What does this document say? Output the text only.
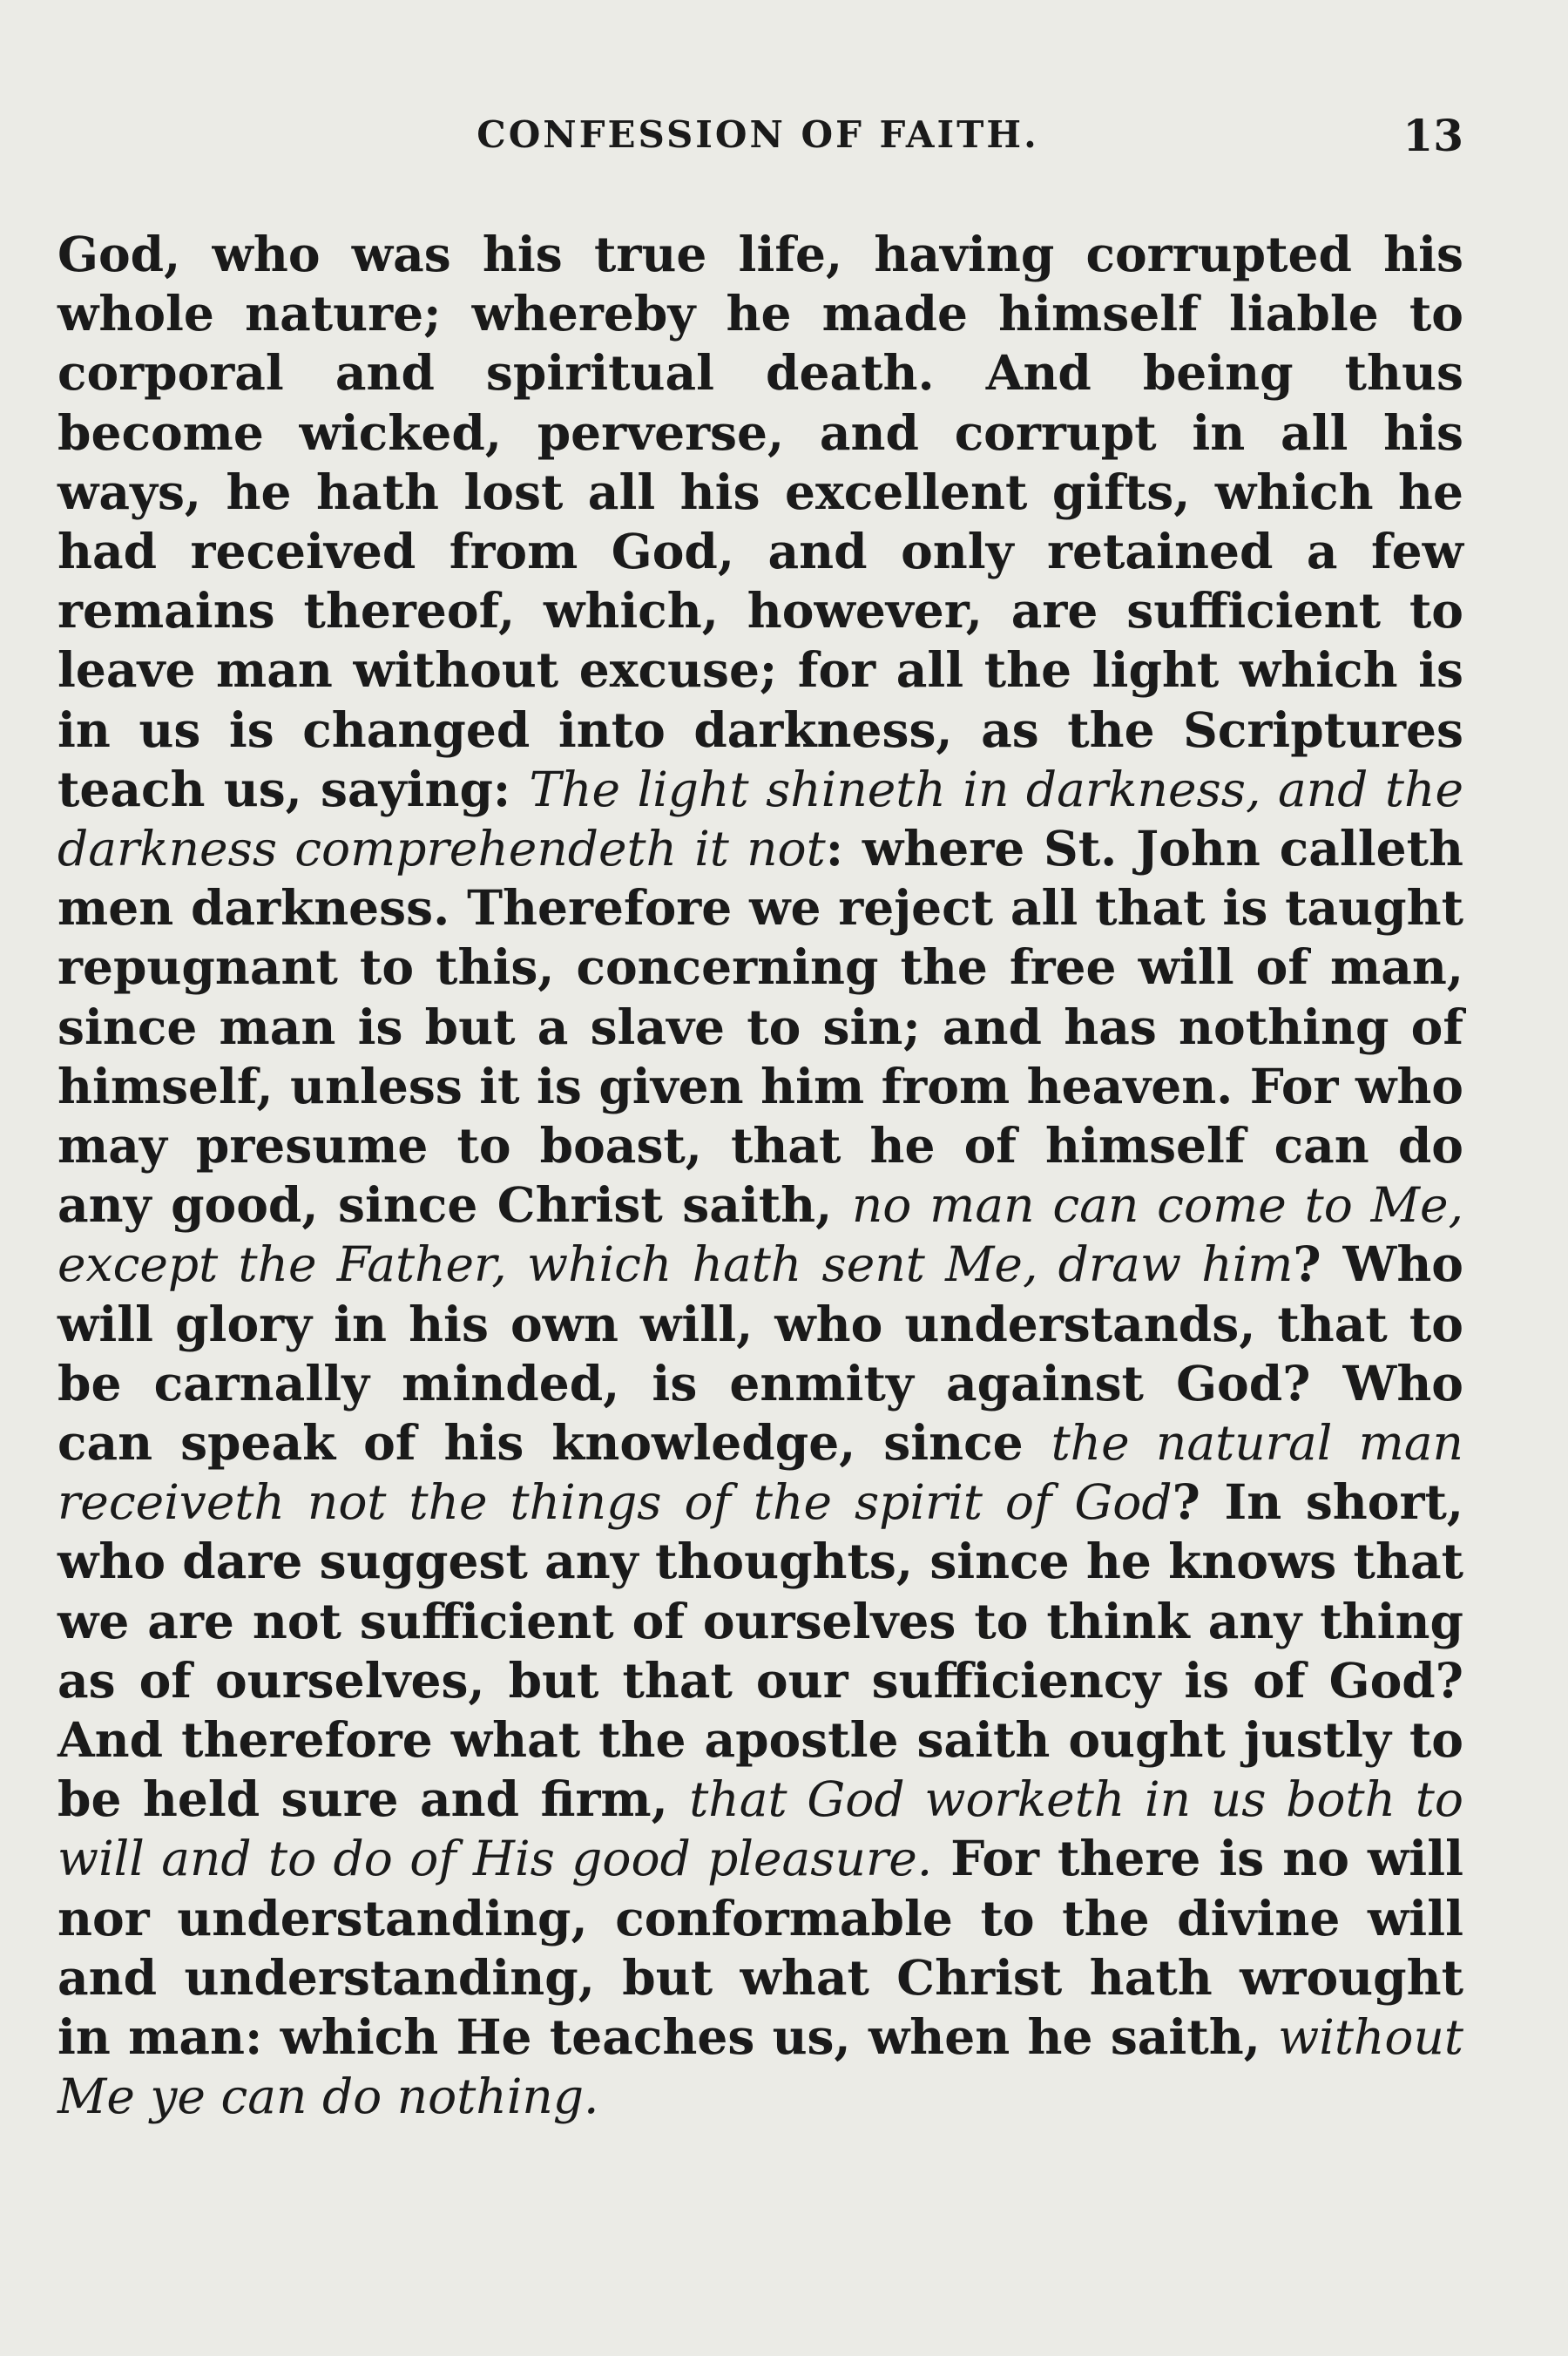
CONFESSION OF FAITH.	13

God, who was his true life, having corrupted his whole nature; whereby he made himself liable to corporal and spiritual death. And being thus become wicked, perverse, and corrupt in all his ways, he hath lost all his excellent gifts, which he had received from God, and only retained a few remains thereof, which, however, are sufficient to leave man without excuse; for all the light which is in us is changed into darkness, as the Scriptures teach us, saying: The light shineth in darkness, and the darkness comprehendeth it not: where St. John calleth men darkness. Therefore we reject all that is taught repugnant to this, concerning the free will of man, since man is but a slave to sin; and has nothing of himself, unless it is given him from heaven. For who may presume to boast, that he of himself can do any good, since Christ saith, no man can come to Me, except the Father, which hath sent Me, draw him? Who will glory in his own will, who understands, that to be carnally minded, is enmity against God? Who can speak of his knowledge, since the natural man receiveth not the things of the spirit of God? In short, who dare suggest any thoughts, since he knows that we are not sufficient of ourselves to think any thing as of ourselves, but that our sufficiency is of God? And therefore what the apostle saith ought justly to be held sure and firm, that God worketh in us both to will and to do of His good pleasure. For there is no will nor understanding, conformable to the divine will and understanding, but what Christ hath wrought in man: which He teaches us, when he saith, without Me ye can do nothing.
